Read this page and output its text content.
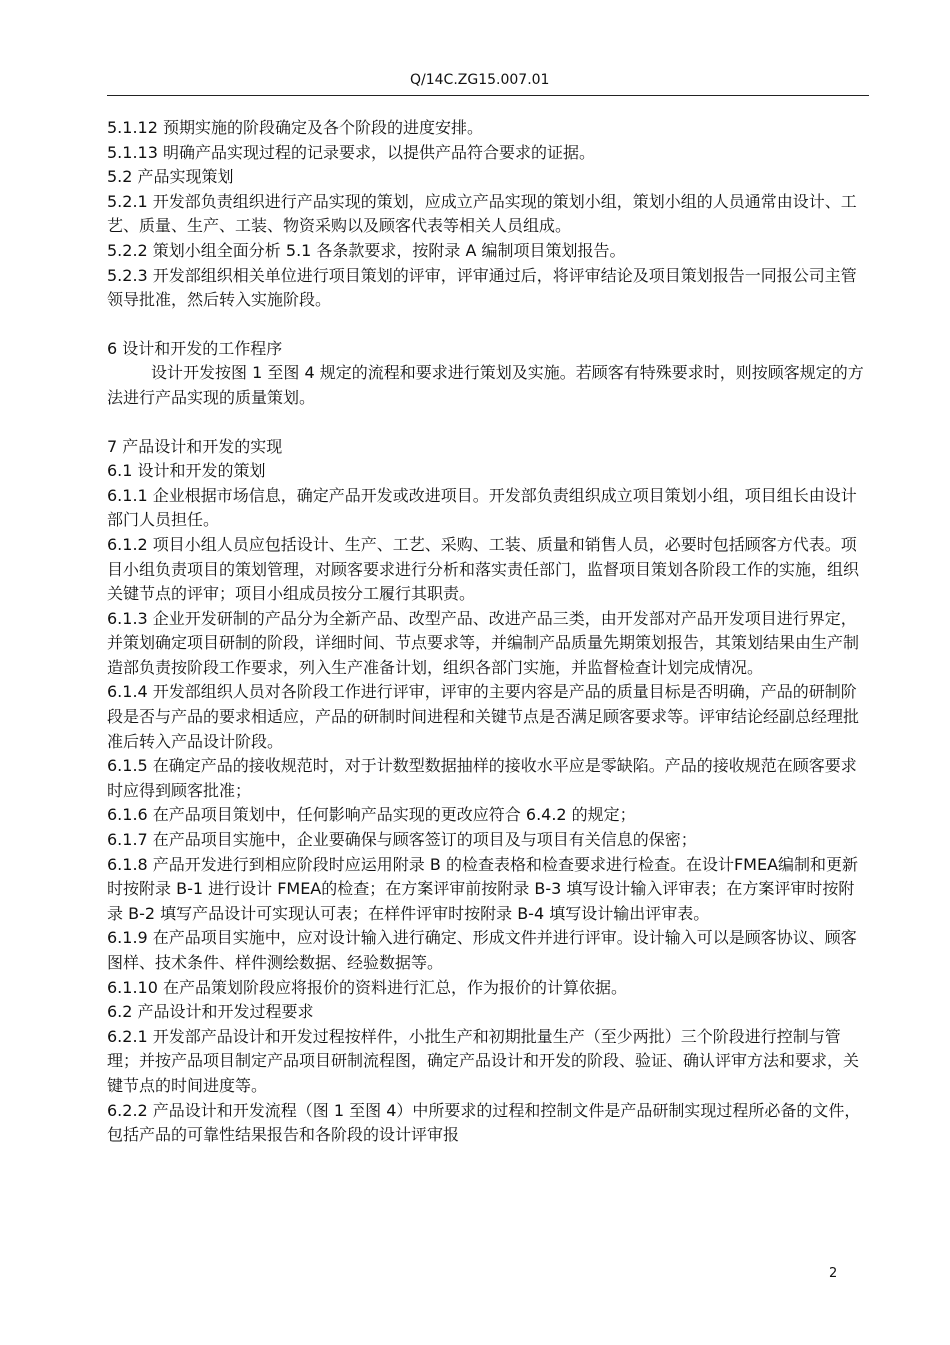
Q/14C.ZG15.007.01

5.1.12 预期实施的阶段确定及各个阶段的进度安排。

5.1.13 明确产品实现过程的记录要求，以提供产品符合要求的证据。

5.2 产品实现策划

5.2.1 开发部负责组织进行产品实现的策划，应成立产品实现的策划小组，策划小组的人员通常由设计、工艺、质量、生产、工装、物资采购以及顾客代表等相关人员组成。

5.2.2 策划小组全面分析 5.1 各条款要求，按附录 A 编制项目策划报告。

5.2.3 开发部组织相关单位进行项目策划的评审，评审通过后，将评审结论及项目策划报告一同报公司主管领导批准，然后转入实施阶段。

6 设计和开发的工作程序

设计开发按图 1 至图 4 规定的流程和要求进行策划及实施。若顾客有特殊要求时，则按顾客规定的方法进行产品实现的质量策划。

7 产品设计和开发的实现

6.1 设计和开发的策划

6.1.1 企业根据市场信息，确定产品开发或改进项目。开发部负责组织成立项目策划小组，项目组长由设计部门人员担任。

6.1.2 项目小组人员应包括设计、生产、工艺、采购、工装、质量和销售人员，必要时包括顾客方代表。项目小组负责项目的策划管理，对顾客要求进行分析和落实责任部门，监督项目策划各阶段工作的实施，组织关键节点的评审；项目小组成员按分工履行其职责。

6.1.3 企业开发研制的产品分为全新产品、改型产品、改进产品三类，由开发部对产品开发项目进行界定，并策划确定项目研制的阶段，详细时间、节点要求等，并编制产品质量先期策划报告，其策划结果由生产制造部负责按阶段工作要求，列入生产准备计划，组织各部门实施，并监督检查计划完成情况。

6.1.4 开发部组织人员对各阶段工作进行评审，评审的主要内容是产品的质量目标是否明确，产品的研制阶段是否与产品的要求相适应，产品的研制时间进程和关键节点是否满足顾客要求等。评审结论经副总经理批准后转入产品设计阶段。

6.1.5 在确定产品的接收规范时，对于计数型数据抽样的接收水平应是零缺陷。产品的接收规范在顾客要求时应得到顾客批准；

6.1.6 在产品项目策划中，任何影响产品实现的更改应符合 6.4.2 的规定；

6.1.7 在产品项目实施中，企业要确保与顾客签订的项目及与项目有关信息的保密；

6.1.8 产品开发进行到相应阶段时应运用附录 B 的检查表格和检查要求进行检查。在设计FMEA编制和更新时按附录 B-1 进行设计 FMEA的检查；在方案评审前按附录 B-3 填写设计输入评审表；在方案评审时按附录 B-2 填写产品设计可实现认可表；在样件评审时按附录 B-4 填写设计输出评审表。

6.1.9 在产品项目实施中，应对设计输入进行确定、形成文件并进行评审。设计输入可以是顾客协议、顾客图样、技术条件、样件测绘数据、经验数据等。

6.1.10 在产品策划阶段应将报价的资料进行汇总，作为报价的计算依据。

6.2 产品设计和开发过程要求

6.2.1 开发部产品设计和开发过程按样件，小批生产和初期批量生产（至少两批）三个阶段进行控制与管理；并按产品项目制定产品项目研制流程图，确定产品设计和开发的阶段、验证、确认评审方法和要求，关键节点的时间进度等。

6.2.2 产品设计和开发流程（图 1 至图 4）中所要求的过程和控制文件是产品研制实现过程所必备的文件，包括产品的可靠性结果报告和各阶段的设计评审报

2
